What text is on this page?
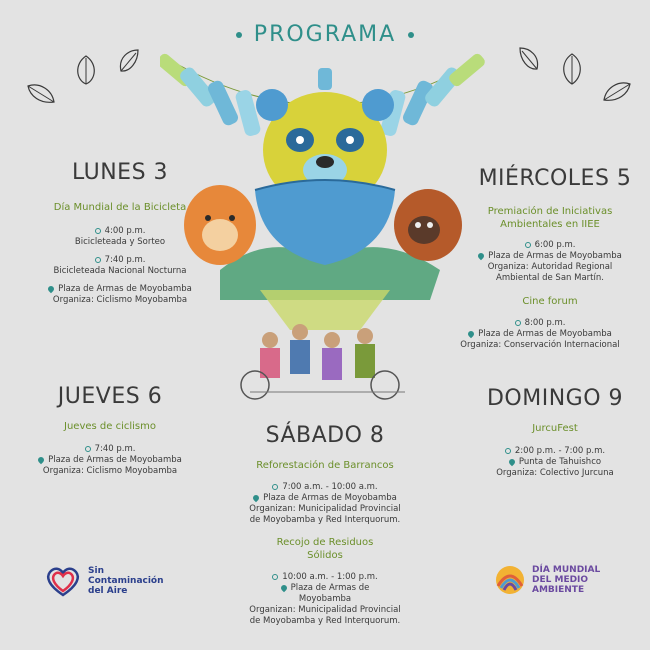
PROGRAMA
LUNES 3
Día Mundial de la Bicicleta
4:00 p.m.
Bicicleteada y Sorteo
7:40 p.m.
Bicicleteada Nacional Nocturna
Plaza de Armas de Moyobamba
Organiza: Ciclismo Moyobamba
MIÉRCOLES 5
Premiación de Iniciativas
Ambientales en IIEE
6:00 p.m.
Plaza de Armas de Moyobamba
Organiza: Autoridad Regional
Ambiental de San Martín.
Cine forum
8:00 p.m.
Plaza de Armas de Moyobamba
Organiza: Conservación Internacional
JUEVES 6
Jueves de ciclismo
7:40 p.m.
Plaza de Armas de Moyobamba
Organiza: Ciclismo Moyobamba
SÁBADO 8
Reforestación de Barrancos
7:00 a.m. - 10:00 a.m.
Plaza de Armas de Moyobamba
Organizan: Municipalidad Provincial
de Moyobamba y Red Interquorum.
Recojo de Residuos
Sólidos
10:00 a.m. - 1:00 p.m.
Plaza de Armas de
Moyobamba
Organizan: Municipalidad Provincial
de Moyobamba y Red Interquorum.
DOMINGO 9
JurcuFest
2:00 p.m. - 7:00 p.m.
Punta de Tahuishco
Organiza: Colectivo Jurcuna
Sin
Contaminación
del Aire
DÍA MUNDIAL
DEL MEDIO
AMBIENTE
